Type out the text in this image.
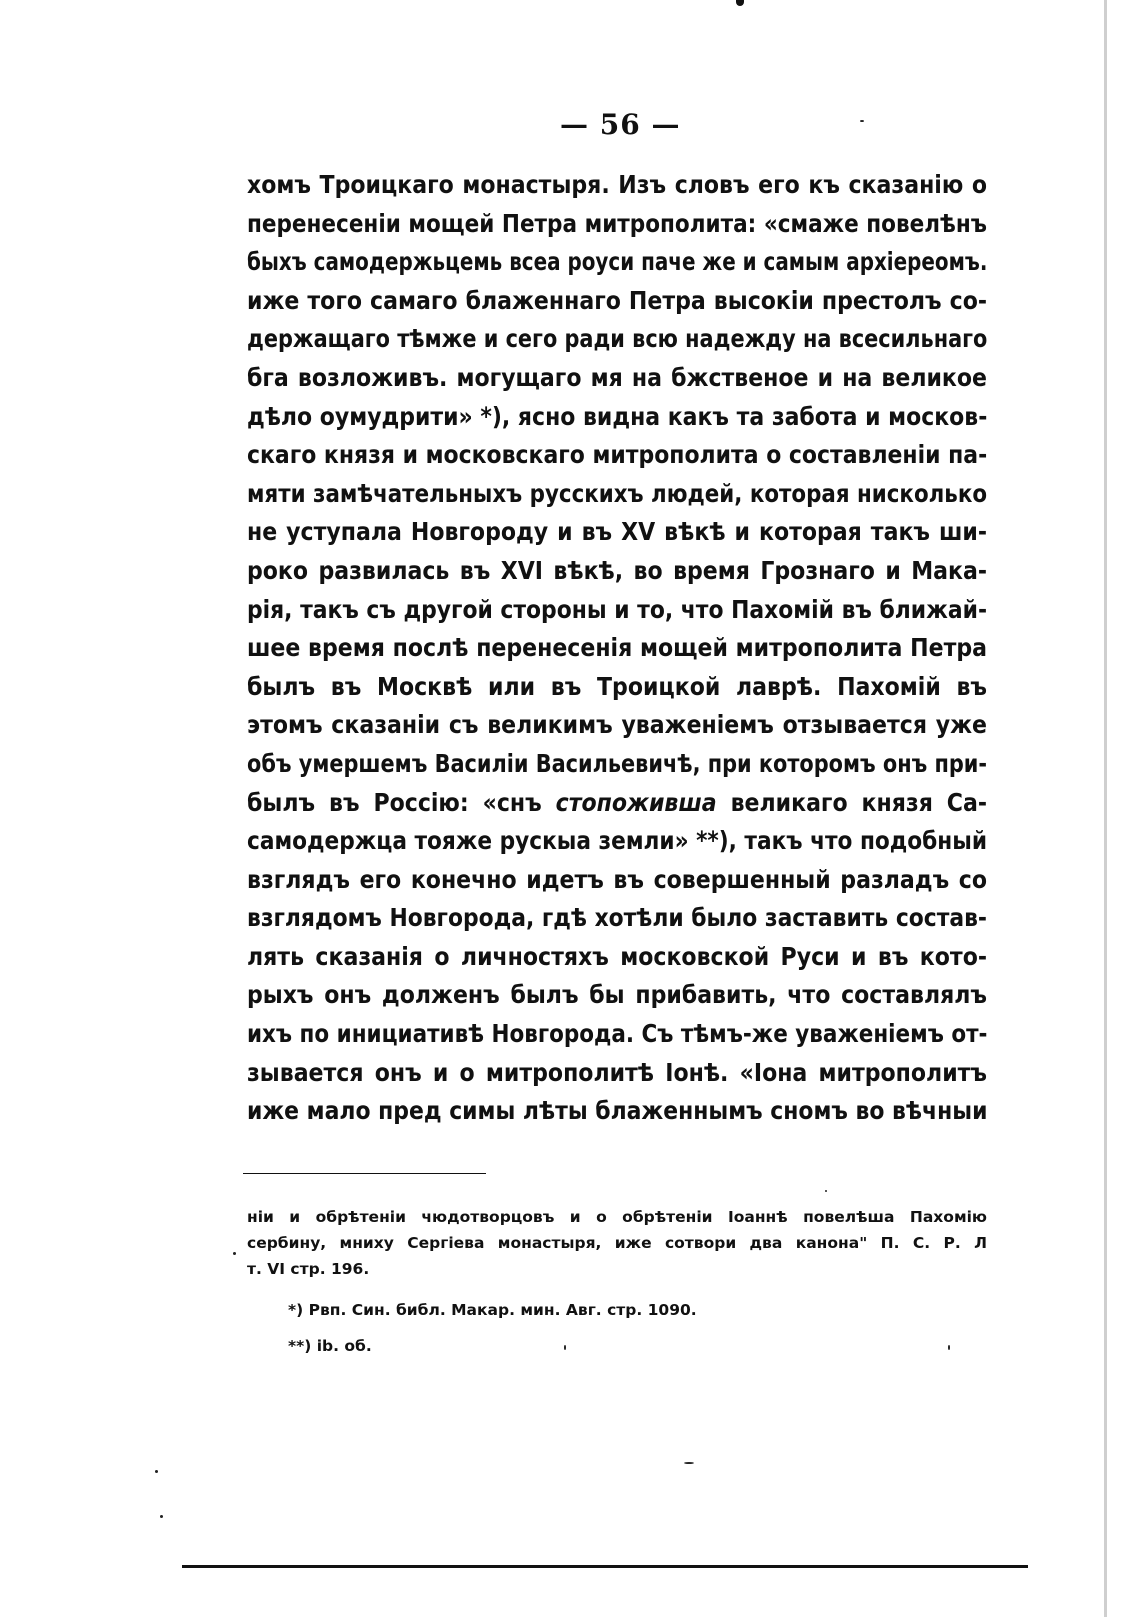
— 56 —
хомъ Троицкаго монастыря. Изъ словъ его къ сказанію о
перенесеніи мощей Петра митрополита: «смаже повелѣнъ
быхъ самодержьцемь всеа роуси паче же и самым архіереомъ.
иже того самаго блаженнаго Петра высокіи престолъ со-
держащаго тѣмже и сего ради всю надежду на всесильнаго
бга возложивъ. могущаго мя на бжственое и на великое
дѣло оумудрити» *), ясно видна какъ та забота и москов-
скаго князя и московскаго митрополита о составленіи па-
мяти замѣчательныхъ русскихъ людей, которая нисколько
не уступала Новгороду и въ XV вѣкѣ и которая такъ ши-
роко развилась въ XVI вѣкѣ, во время Грознаго и Мака-
рія, такъ съ другой стороны и то, что Пахомій въ ближай-
шее время послѣ перенесенія мощей митрополита Петра
былъ въ Москвѣ или въ Троицкой лаврѣ. Пахомій въ
этомъ сказаніи съ великимъ уваженіемъ отзывается уже
объ умершемъ Василіи Васильевичѣ, при которомъ онъ при-
былъ въ Россію: «снъ стопоживша великаго князя Са-
самодержца тояже рускыа земли» **), такъ что подобный
взглядъ его конечно идетъ въ совершенный разладъ со
взглядомъ Новгорода, гдѣ хотѣли было заставить состав-
лять сказанія о личностяхъ московской Руси и въ кото-
рыхъ онъ долженъ былъ бы прибавить, что составлялъ
ихъ по инициативѣ Новгорода. Съ тѣмъ-же уваженіемъ от-
зывается онъ и о митрополитѣ Іонѣ. «Іона митрополитъ
иже мало пред симы лѣты блаженнымъ сномъ во вѣчныи
ніи и обрѣтеніи чюдотворцовъ и о обрѣтеніи Іоаннѣ повелѣша Пахомію
сербину, мниху Сергіева монастыря, иже сотвори два канона" П. С. Р. Л
т. VI стр. 196.
*) Рвп. Син. библ. Макар. мин. Авг. стр. 1090.
**) ib. об.
